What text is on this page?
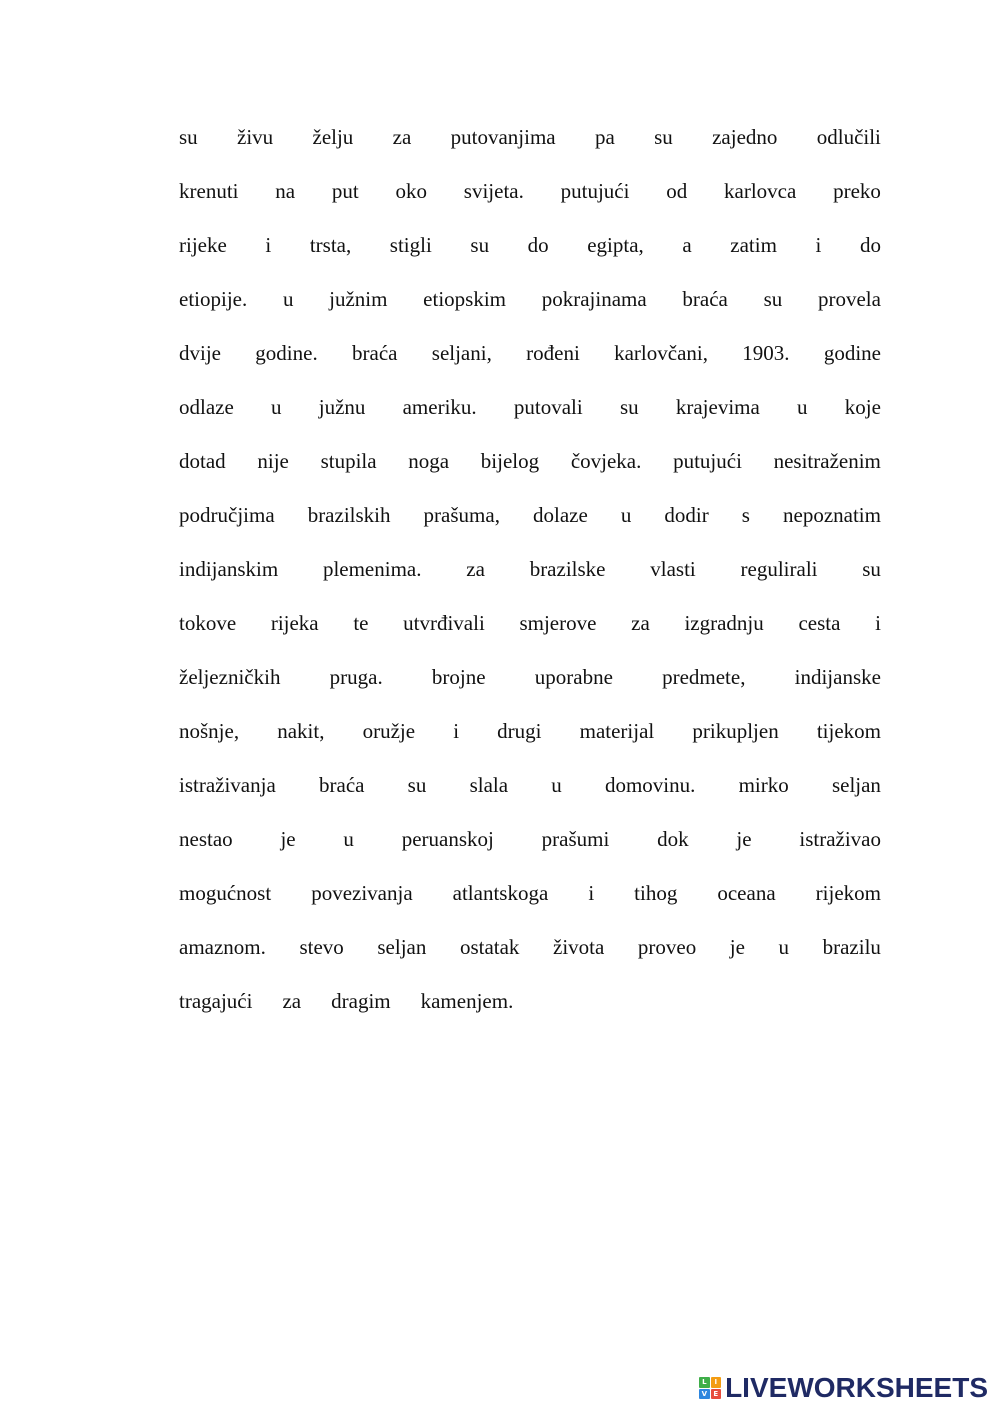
su živu želju za putovanjima pa su zajedno odlučili
krenuti na put oko svijeta. putujući od karlovca preko
rijeke i trsta, stigli su do egipta, a zatim i do
etiopije. u južnim etiopskim pokrajinama braća su provela
dvije godine. braća seljani, rođeni karlovčani, 1903. godine
odlaze u južnu ameriku. putovali su krajevima u koje
dotad nije stupila noga bijelog čovjeka. putujući nesitraženim
područjima brazilskih prašuma, dolaze u dodir s nepoznatim
indijanskim plemenima. za brazilske vlasti regulirali su
tokove rijeka te utvrđivali smjerove za izgradnju cesta i
željezničkih pruga. brojne uporabne predmete, indijanske
nošnje, nakit, oružje i drugi materijal prikupljen tijekom
istraživanja braća su slala u domovinu. mirko seljan
nestao je u peruanskoj prašumi dok je istraživao
mogućnost povezivanja atlantskoga i tihog oceana rijekom
amaznom. stevo seljan ostatak života proveo je u brazilu
tragajući za dragim kamenjem.
L	I
V E LIVEWORKSHEETS
